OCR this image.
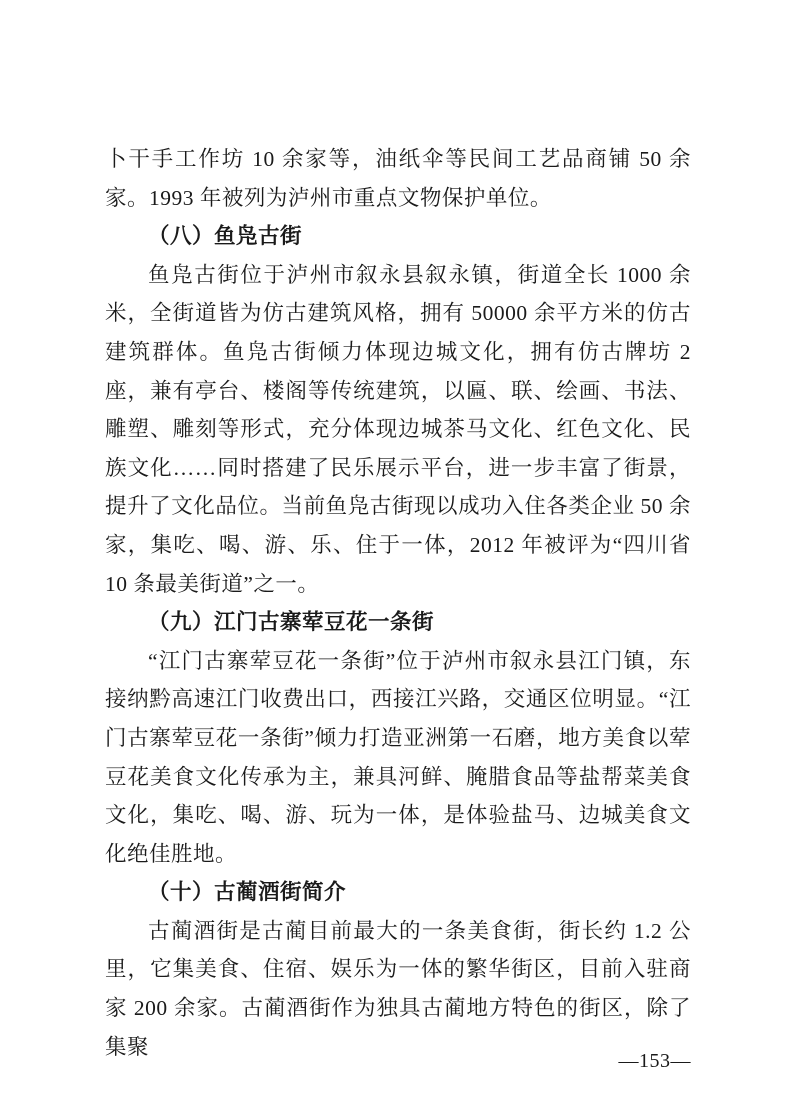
卜干手工作坊 10 余家等，油纸伞等民间工艺品商铺 50 余家。1993 年被列为泸州市重点文物保护单位。

（八）鱼凫古街

鱼凫古街位于泸州市叙永县叙永镇，街道全长 1000 余米，全街道皆为仿古建筑风格，拥有 50000 余平方米的仿古建筑群体。鱼凫古街倾力体现边城文化，拥有仿古牌坊 2 座，兼有亭台、楼阁等传统建筑，以匾、联、绘画、书法、雕塑、雕刻等形式，充分体现边城茶马文化、红色文化、民族文化……同时搭建了民乐展示平台，进一步丰富了街景，提升了文化品位。当前鱼凫古街现以成功入住各类企业 50 余家，集吃、喝、游、乐、住于一体，2012 年被评为“四川省 10 条最美街道”之一。

（九）江门古寨荤豆花一条街

“江门古寨荤豆花一条街”位于泸州市叙永县江门镇，东接纳黔高速江门收费出口，西接江兴路，交通区位明显。“江门古寨荤豆花一条街”倾力打造亚洲第一石磨，地方美食以荤豆花美食文化传承为主，兼具河鲜、腌腊食品等盐帮菜美食文化，集吃、喝、游、玩为一体，是体验盐马、边城美食文化绝佳胜地。

（十）古蔺酒街简介

古蔺酒街是古蔺目前最大的一条美食街，街长约 1.2 公里，它集美食、住宿、娱乐为一体的繁华街区，目前入驻商家 200 余家。古蔺酒街作为独具古蔺地方特色的街区，除了集聚

—153—
